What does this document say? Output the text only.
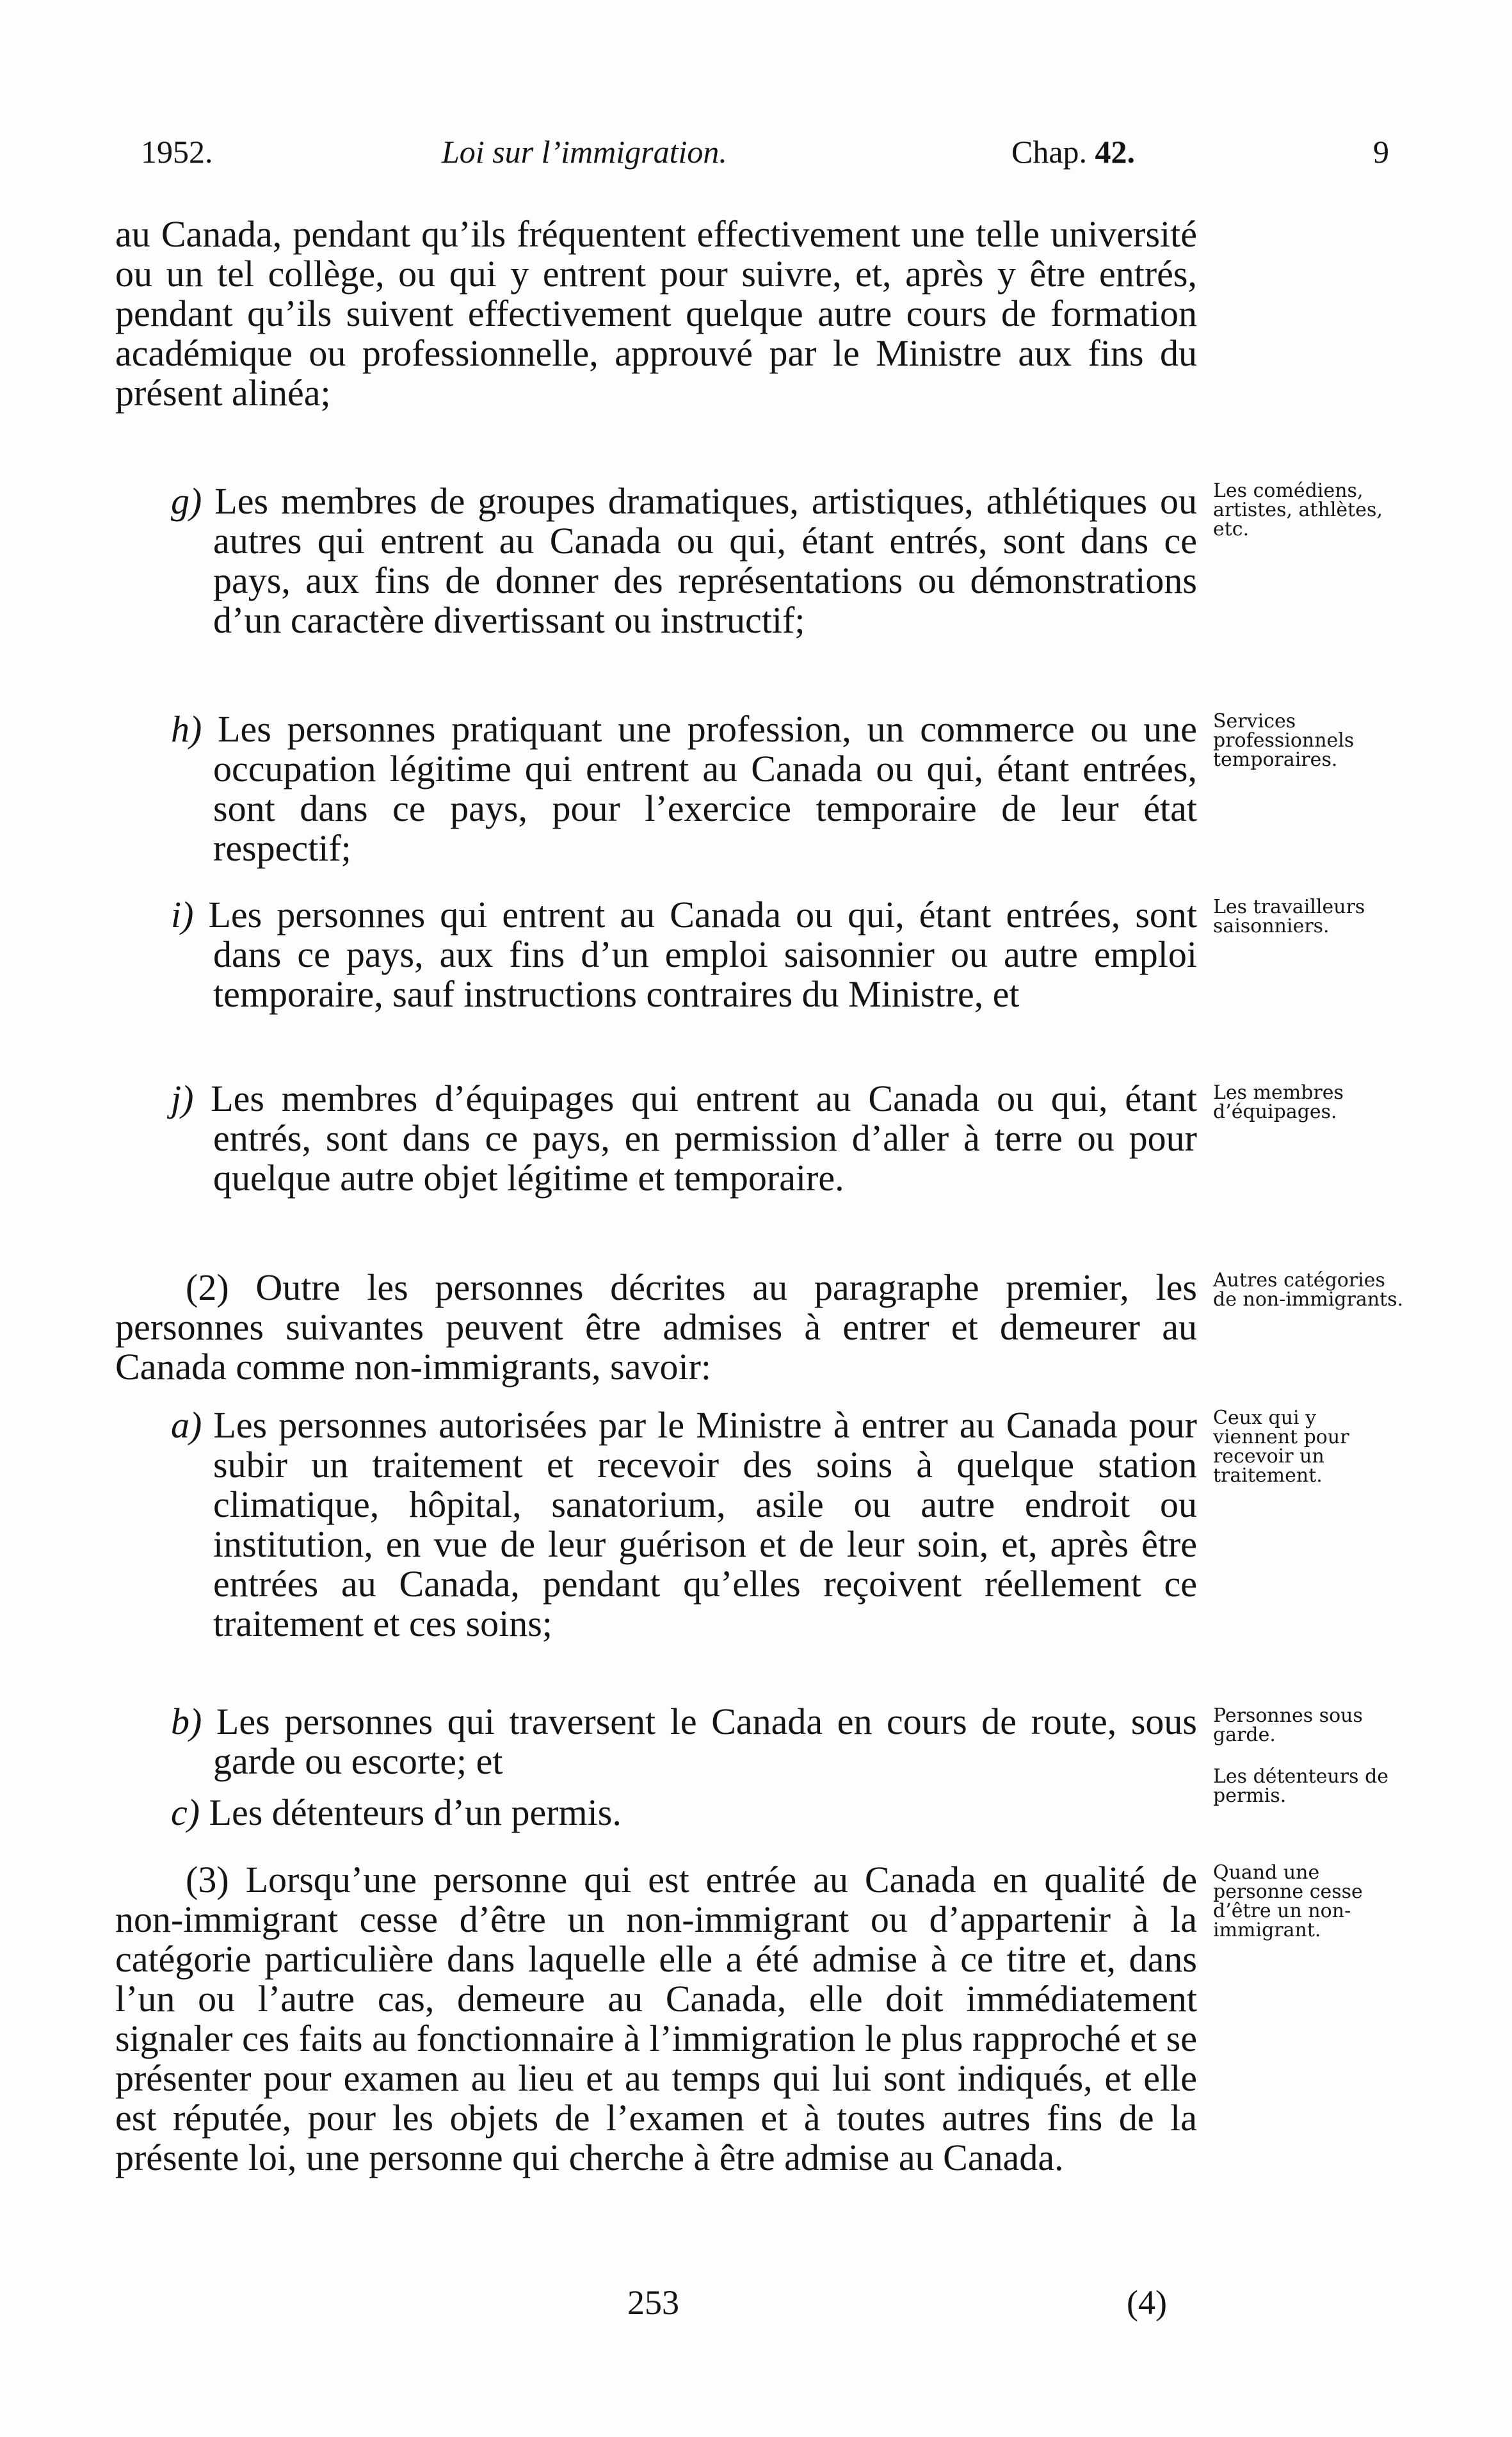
1952.	Loi sur l’immigration.	Chap. 42.	9

au Canada, pendant qu’ils fréquentent effectivement une telle université ou un tel collège, ou qui y entrent pour suivre, et, après y être entrés, pendant qu’ils suivent effectivement quelque autre cours de formation académique ou professionnelle, approuvé par le Ministre aux fins du présent alinéa;

g) Les membres de groupes dramatiques, artistiques, athlétiques ou autres qui entrent au Canada ou qui, étant entrés, sont dans ce pays, aux fins de donner des représentations ou démonstrations d’un caractère divertissant ou instructif;

Les comédiens, artistes, athlètes, etc.

h) Les personnes pratiquant une profession, un commerce ou une occupation légitime qui entrent au Canada ou qui, étant entrées, sont dans ce pays, pour l’exercice temporaire de leur état respectif;

Services professionnels temporaires.

i) Les personnes qui entrent au Canada ou qui, étant entrées, sont dans ce pays, aux fins d’un emploi saisonnier ou autre emploi temporaire, sauf instructions contraires du Ministre, et

Les travailleurs saisonniers.

j) Les membres d’équipages qui entrent au Canada ou qui, étant entrés, sont dans ce pays, en permission d’aller à terre ou pour quelque autre objet légitime et temporaire.

Les membres d’équipages.

(2) Outre les personnes décrites au paragraphe premier, les personnes suivantes peuvent être admises à entrer et demeurer au Canada comme non-immigrants, savoir:

Autres catégories de non-immigrants.

a) Les personnes autorisées par le Ministre à entrer au Canada pour subir un traitement et recevoir des soins à quelque station climatique, hôpital, sanatorium, asile ou autre endroit ou institution, en vue de leur guérison et de leur soin, et, après être entrées au Canada, pendant qu’elles reçoivent réellement ce traitement et ces soins;

Ceux qui y viennent pour recevoir un traitement.

b) Les personnes qui traversent le Canada en cours de route, sous garde ou escorte; et

Personnes sous garde.

c) Les détenteurs d’un permis.

Les détenteurs de permis.

(3) Lorsqu’une personne qui est entrée au Canada en qualité de non-immigrant cesse d’être un non-immigrant ou d’appartenir à la catégorie particulière dans laquelle elle a été admise à ce titre et, dans l’un ou l’autre cas, demeure au Canada, elle doit immédiatement signaler ces faits au fonctionnaire à l’immigration le plus rapproché et se présenter pour examen au lieu et au temps qui lui sont indiqués, et elle est réputée, pour les objets de l’examen et à toutes autres fins de la présente loi, une personne qui cherche à être admise au Canada.

Quand une personne cesse d’être un non-immigrant.
253	(4)
